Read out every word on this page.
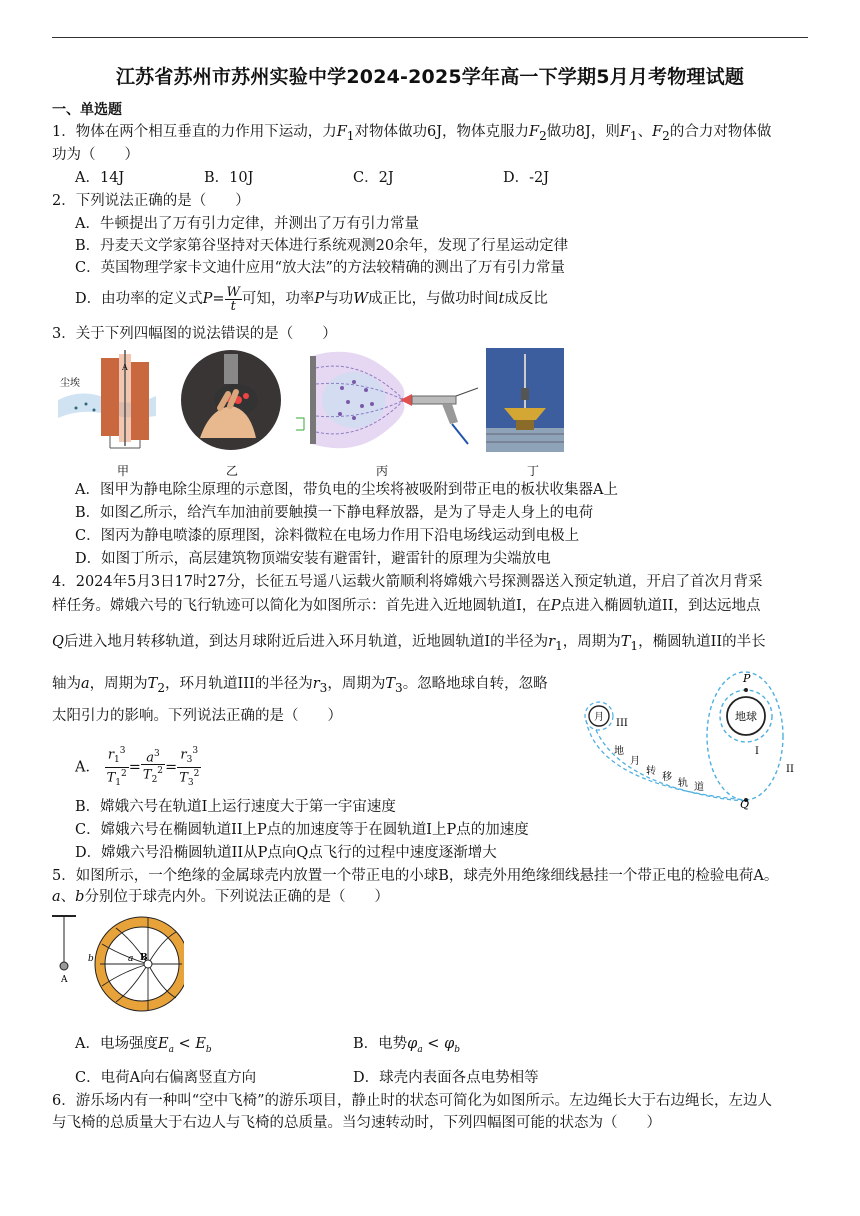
江苏省苏州市苏州实验中学2024-2025学年高一下学期5月月考物理试题
一、单选题
1．物体在两个相互垂直的力作用下运动，力$F_1$对物体做功6J，物体克服力$F_2$做功8J，则$F_1$、$F_2$的合力对物体做
功为（　　）
A．14J	B．10J	C．2J	D．-2J
2．下列说法正确的是（　　）
A．牛顿提出了万有引力定律，并测出了万有引力常量
B．丹麦天文学家第谷坚持对天体进行系统观测20余年，发现了行星运动定律
C．英国物理学家卡文迪什应用“放大法”的方法较精确的测出了万有引力常量
D．由功率的定义式$P= \frac{W}{t}$ 可知，功率P与功W成正比，与做功时间t成反比
3．关于下列四幅图的说法错误的是（　　）
尘埃
A
甲	乙	丙	丁
A．图甲为静电除尘原理的示意图，带负电的尘埃将被吸附到带正电的板状收集器A上
B．如图乙所示，给汽车加油前要触摸一下静电释放器，是为了导走人身上的电荷
C．图丙为静电喷漆的原理图，涂料微粒在电场力作用下沿电场线运动到电极上
D．如图丁所示，高层建筑物顶端安装有避雷针，避雷针的原理为尖端放电
4．2024年5月3日17时27分，长征五号遥八运载火箭顺利将嫦娥六号探测器送入预定轨道，开启了首次月背采
样任务。嫦娥六号的飞行轨迹可以简化为如图所示：首先进入近地圆轨道I，在P点进入椭圆轨道II，到达远地点
Q后进入地月转移轨道，到达月球附近后进入环月轨道，近地圆轨道I的半径为$r_1$，周期为$T_1$，椭圆轨道II的半长
轴为a，周期为$T_2$，环月轨道III的半径为$r_3$，周期为$T_3$。忽略地球自转，忽略
太阳引力的影响。下列说法正确的是（　　）
A． $\frac{r_1^3}{T_1^2} = \frac{a^3}{T_2^2} = \frac{r_3^3}{T_3^2}$
B．嫦娥六号在轨道I上运行速度大于第一宇宙速度
C．嫦娥六号在椭圆轨道II上P点的加速度等于在圆轨道I上P点的加速度
D．嫦娥六号沿椭圆轨道II从P点向Q点飞行的过程中速度逐渐增大
地球
月
P
Q
I
II
III
地
月
转
移
轨 道
5．如图所示，一个绝缘的金属球壳内放置一个带正电的小球B，球壳外用绝缘细线悬挂一个带正电的检验电荷A。
a、b分别位于球壳内外。下列说法正确的是（　　）
A
B
a
b
A．电场强度$E_a < E_b$	B．电势$\varphi_a < \varphi_b$
C．电荷A向右偏离竖直方向	D．球壳内表面各点电势相等
6．游乐场内有一种叫“空中飞椅”的游乐项目，静止时的状态可简化为如图所示。左边绳长大于右边绳长，左边人
与飞椅的总质量大于右边人与飞椅的总质量。当匀速转动时，下列四幅图可能的状态为（　　）
